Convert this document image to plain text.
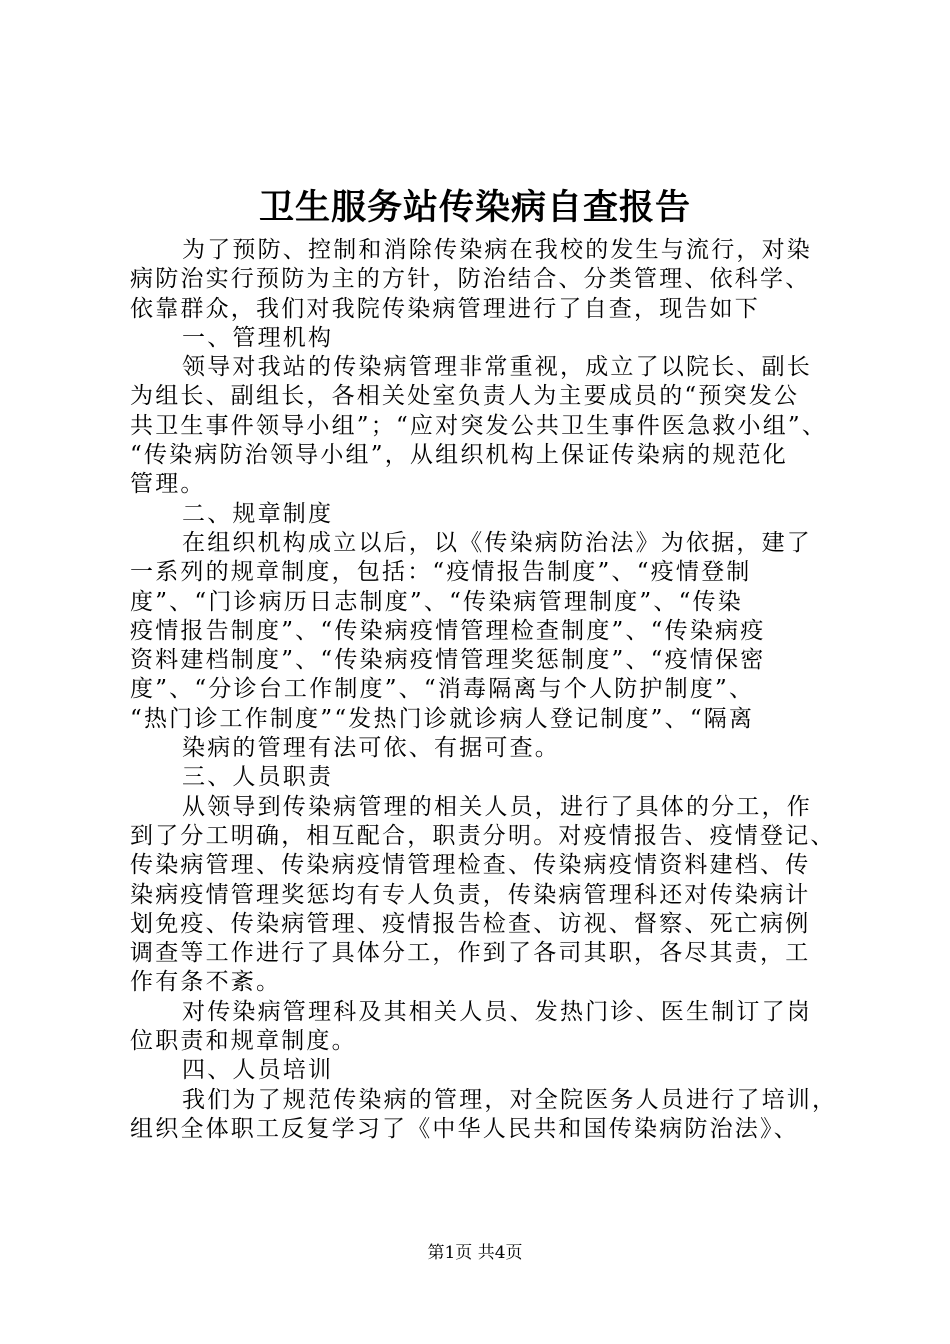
卫生服务站传染病自查报告
为了预防、控制和消除传染病在我校的发生与流行，对染
病防治实行预防为主的方针，防治结合、分类管理、依科学、
依靠群众，我们对我院传染病管理进行了自查，现告如下
一、管理机构
领导对我站的传染病管理非常重视，成立了以院长、副长
为组长、副组长，各相关处室负责人为主要成员的“预突发公
共卫生事件领导小组”；“应对突发公共卫生事件医急救小组”、
“传染病防治领导小组”，从组织机构上保证传染病的规范化
管理。
二、规章制度
在组织机构成立以后，以《传染病防治法》为依据，建了
一系列的规章制度，包括：“疫情报告制度”、“疫情登制
度”、“门诊病历日志制度”、“传染病管理制度”、“传染
疫情报告制度”、“传染病疫情管理检查制度”、“传染病疫
资料建档制度”、“传染病疫情管理奖惩制度”、“疫情保密
度”、“分诊台工作制度”、“消毒隔离与个人防护制度”、
“热门诊工作制度”“发热门诊就诊病人登记制度”、“隔离
染病的管理有法可依、有据可查。
三、人员职责
从领导到传染病管理的相关人员，进行了具体的分工，作
到了分工明确，相互配合，职责分明。对疫情报告、疫情登记、
传染病管理、传染病疫情管理检查、传染病疫情资料建档、传
染病疫情管理奖惩均有专人负责，传染病管理科还对传染病计
划免疫、传染病管理、疫情报告检查、访视、督察、死亡病例
调查等工作进行了具体分工，作到了各司其职，各尽其责，工
作有条不紊。
对传染病管理科及其相关人员、发热门诊、医生制订了岗
位职责和规章制度。
四、人员培训
我们为了规范传染病的管理，对全院医务人员进行了培训，
组织全体职工反复学习了《中华人民共和国传染病防治法》、
第1页 共4页
